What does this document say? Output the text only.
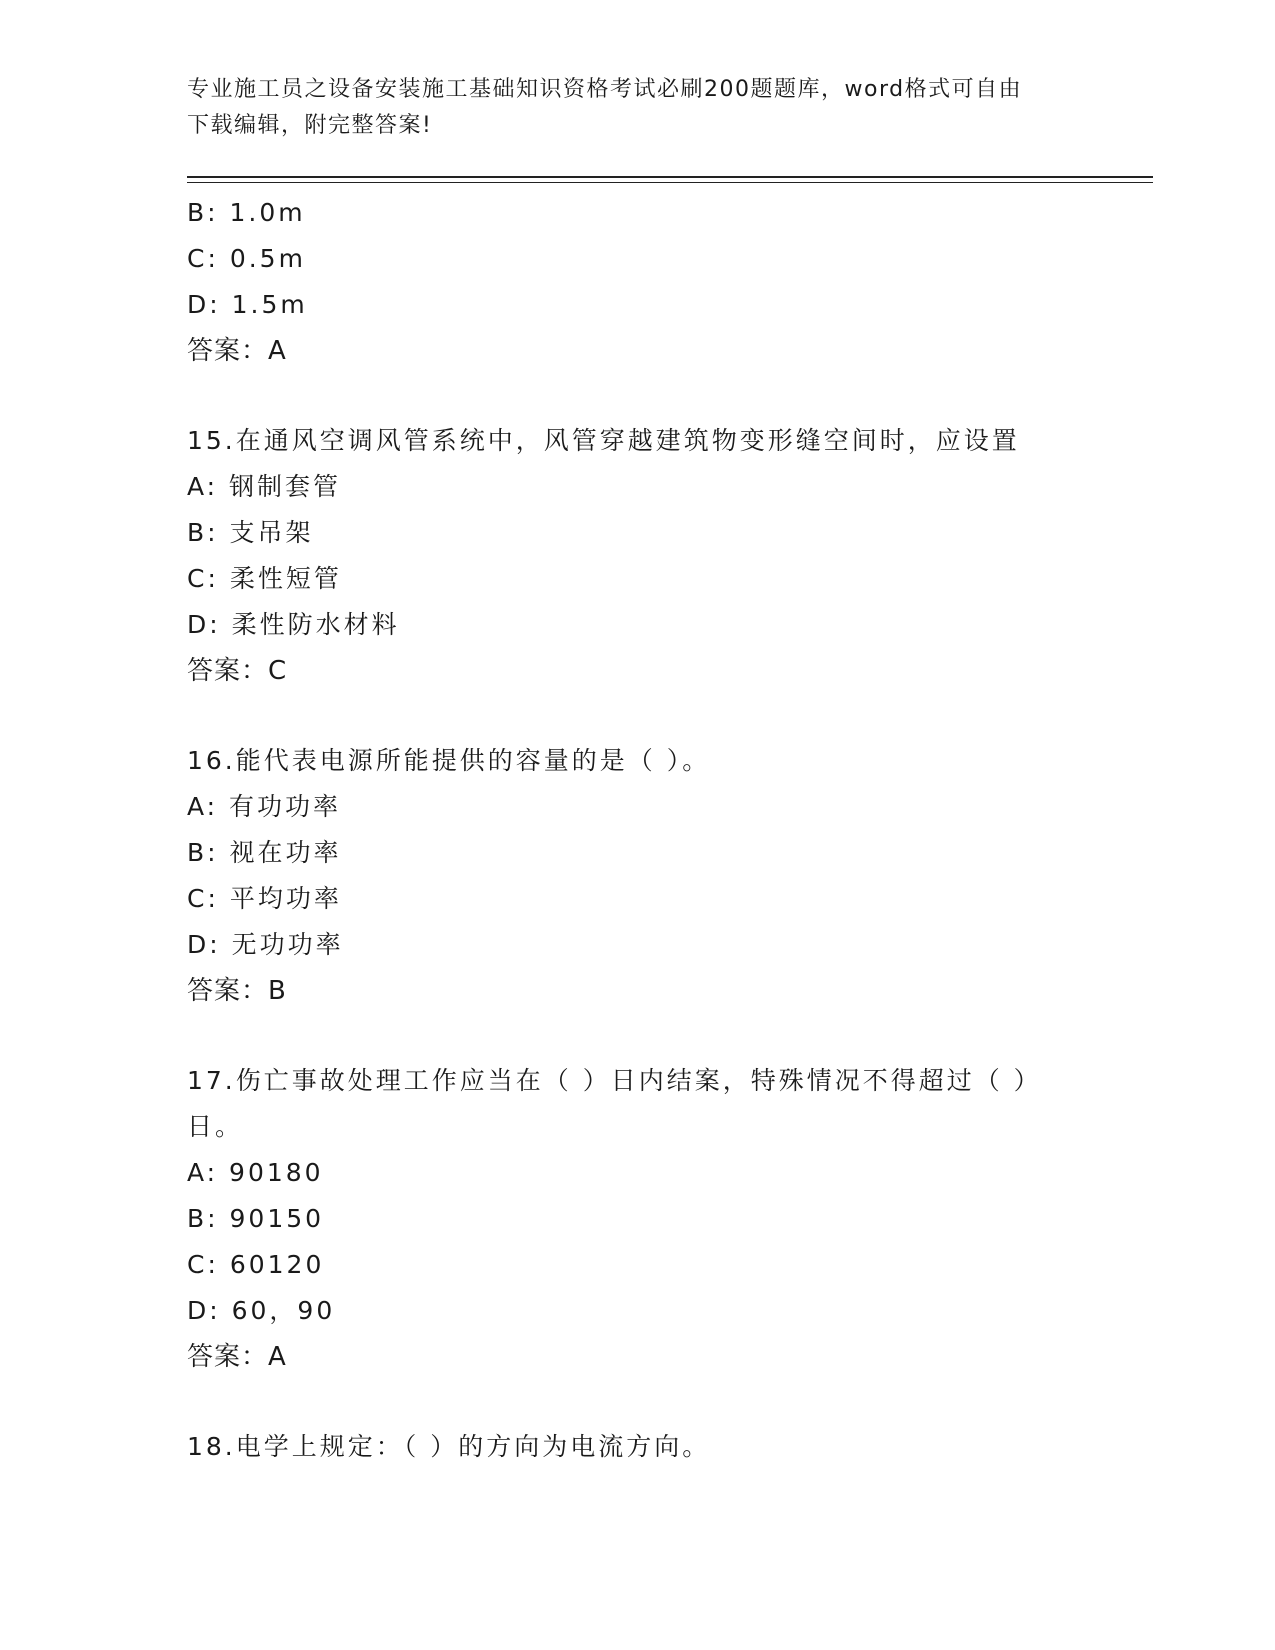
专业施工员之设备安装施工基础知识资格考试必刷200题题库，word格式可自由
下载编辑，附完整答案!
B: 1.0m
C: 0.5m
D: 1.5m
答案：A
15.在通风空调风管系统中，风管穿越建筑物变形缝空间时，应设置
A: 钢制套管
B: 支吊架
C: 柔性短管
D: 柔性防水材料
答案：C
16.能代表电源所能提供的容量的是（ ）。
A: 有功功率
B: 视在功率
C: 平均功率
D: 无功功率
答案：B
17.伤亡事故处理工作应当在（ ）日内结案，特殊情况不得超过（ ）
日。
A: 90180
B: 90150
C: 60120
D: 60，90
答案：A
18.电学上规定：（ ）的方向为电流方向。
